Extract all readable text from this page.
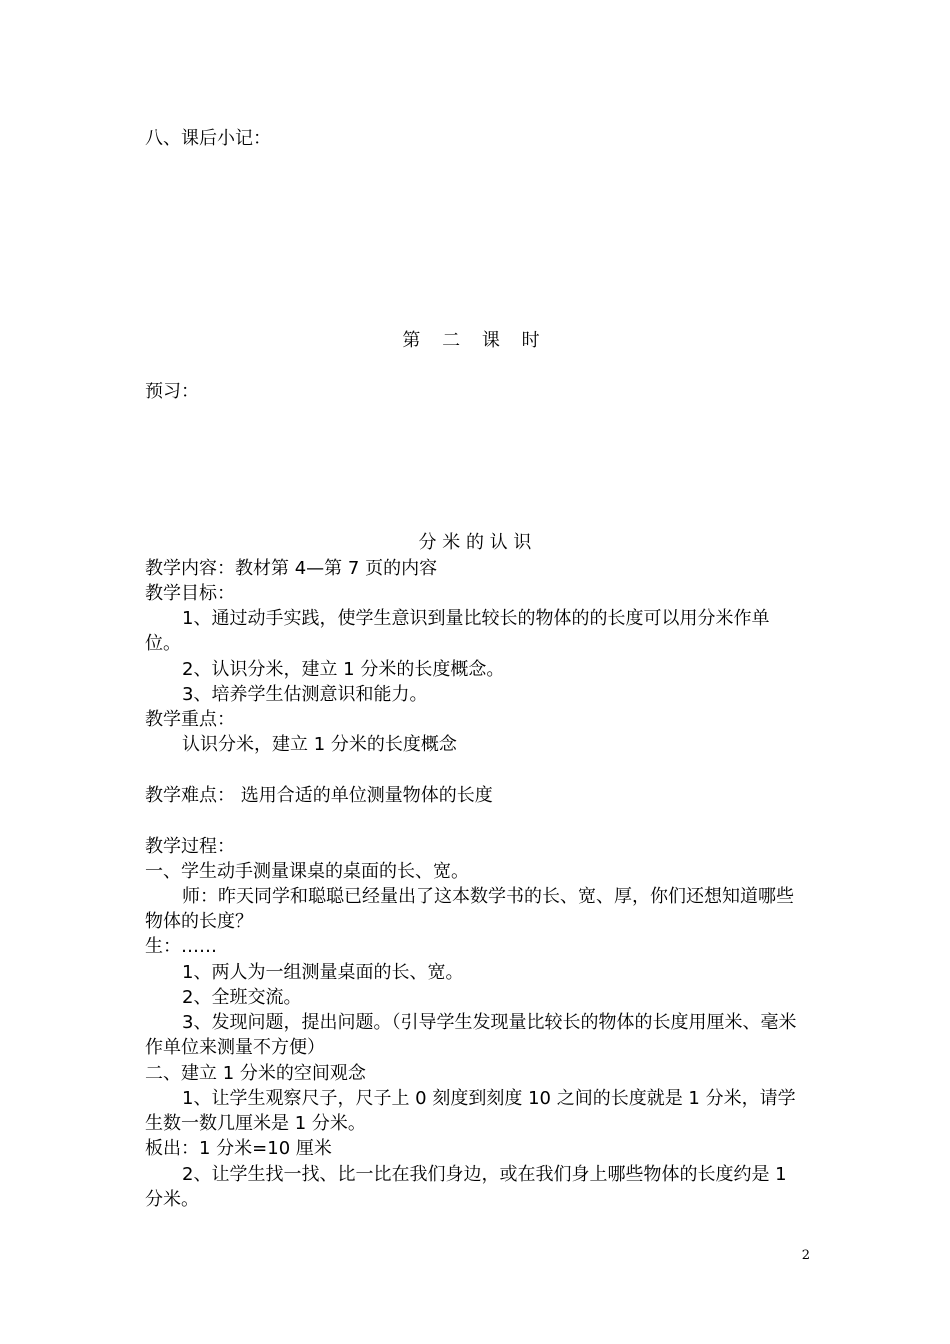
八、课后小记：
第 二 课 时
预习：
分 米 的 认 识
教学内容：教材第 4—第 7 页的内容
教学目标：
1、通过动手实践，使学生意识到量比较长的物体的的长度可以用分米作单
位。
2、认识分米，建立 1 分米的长度概念。
3、培养学生估测意识和能力。
教学重点：
认识分米，建立 1 分米的长度概念
教学难点： 选用合适的单位测量物体的长度
教学过程：
一、学生动手测量课桌的桌面的长、宽。
师：昨天同学和聪聪已经量出了这本数学书的长、宽、厚，你们还想知道哪些
物体的长度？
生：……
1、两人为一组测量桌面的长、宽。
2、全班交流。
3、发现问题，提出问题。（引导学生发现量比较长的物体的长度用厘米、毫米
作单位来测量不方便）
二、建立 1 分米的空间观念
1、让学生观察尺子，尺子上 0 刻度到刻度 10 之间的长度就是 1 分米，请学
生数一数几厘米是 1 分米。
板出：1 分米=10 厘米
2、让学生找一找、比一比在我们身边，或在我们身上哪些物体的长度约是 1
分米。
2
